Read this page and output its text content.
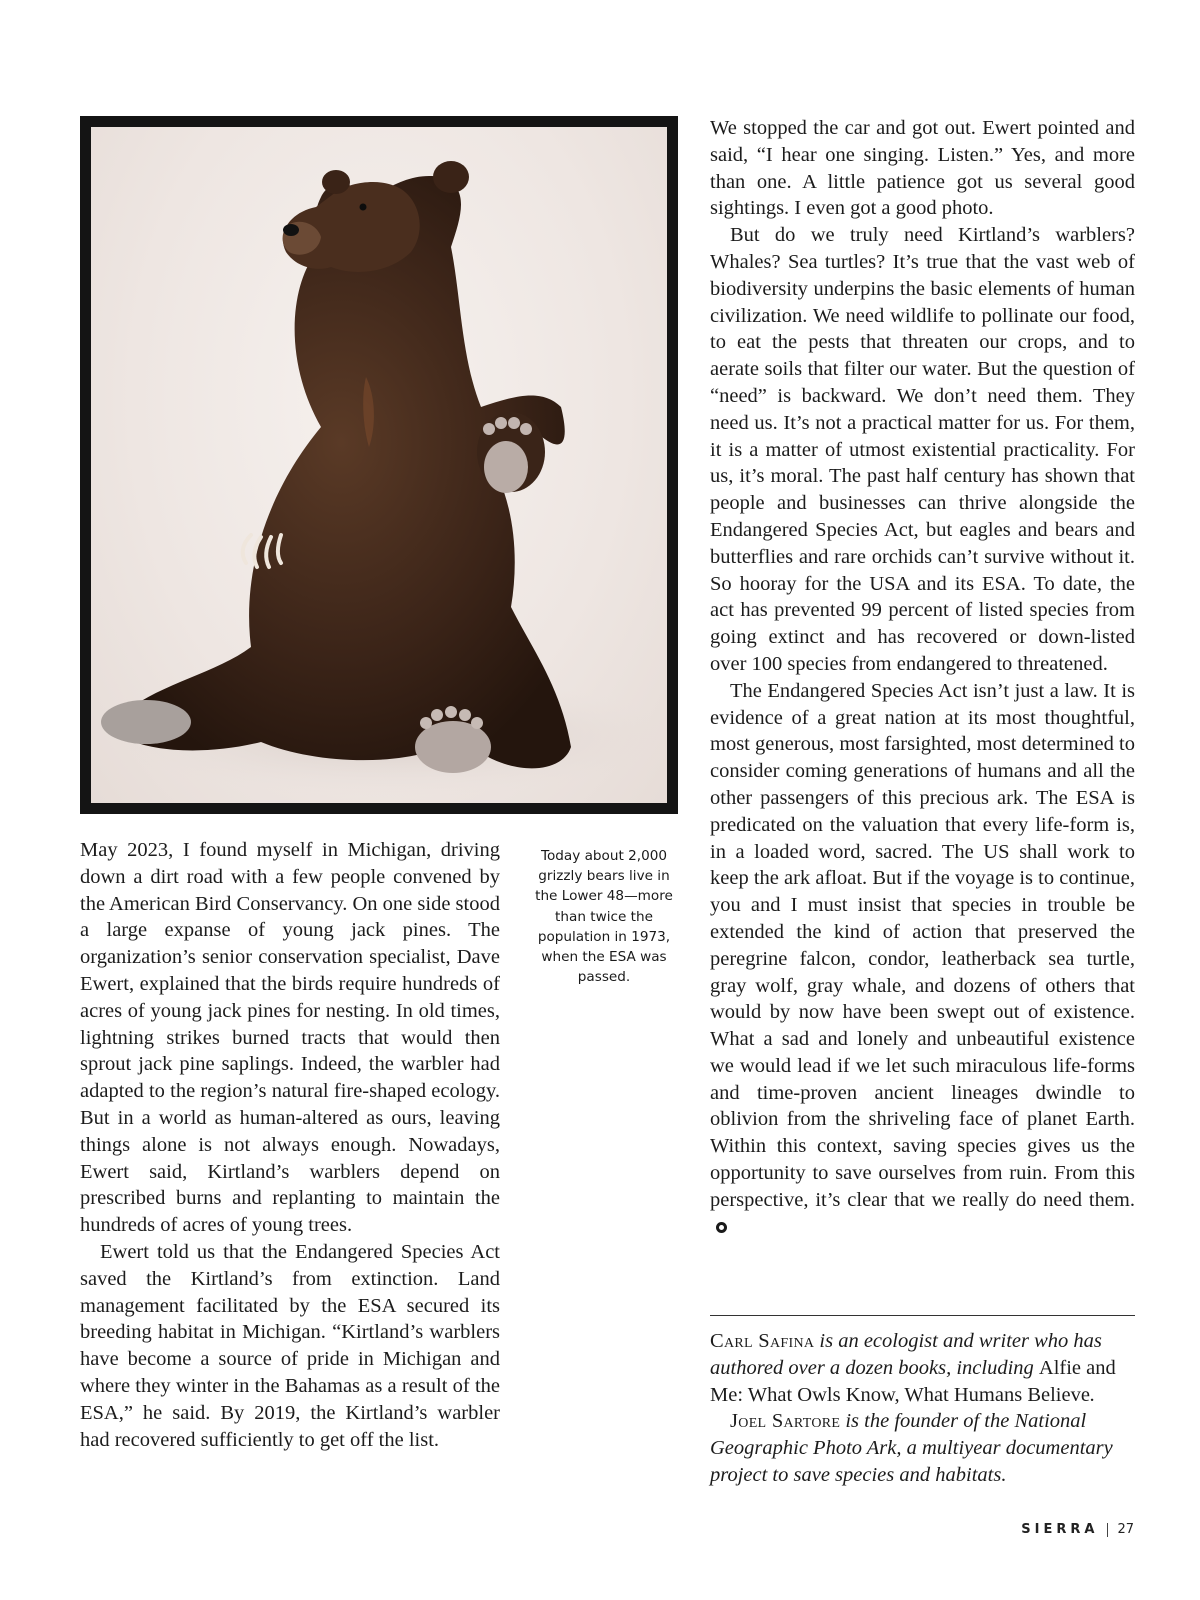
Today about 2,000 grizzly bears live in the Lower 48—more than twice the population in 1973, when the ESA was passed.

May 2023, I found myself in Michigan, driving down a dirt road with a few people convened by the American Bird Conservancy. On one side stood a large expanse of young jack pines. The organization’s senior conservation specialist, Dave Ewert, explained that the birds require hundreds of acres of young jack pines for nesting. In old times, lightning strikes burned tracts that would then sprout jack pine saplings. Indeed, the warbler had adapted to the region’s natural fire-shaped ecology. But in a world as human-altered as ours, leaving things alone is not always enough. Nowadays, Ewert said, Kirtland’s warblers depend on prescribed burns and replanting to maintain the hundreds of acres of young trees.

Ewert told us that the Endangered Species Act saved the Kirtland’s from extinction. Land management facilitated by the ESA secured its breeding habitat in Michigan. “Kirtland’s warblers have become a source of pride in Michigan and where they winter in the Bahamas as a result of the ESA,” he said. By 2019, the Kirtland’s warbler had recovered sufficiently to get off the list.

We stopped the car and got out. Ewert pointed and said, “I hear one singing. Listen.” Yes, and more than one. A little patience got us several good sightings. I even got a good photo.

But do we truly need Kirtland’s warblers? Whales? Sea turtles? It’s true that the vast web of biodiversity underpins the basic elements of human civilization. We need wildlife to pollinate our food, to eat the pests that threaten our crops, and to aerate soils that filter our water. But the question of “need” is backward. We don’t need them. They need us. It’s not a practical matter for us. For them, it is a matter of utmost existential practicality. For us, it’s moral. The past half century has shown that people and businesses can thrive alongside the Endangered Species Act, but eagles and bears and butterflies and rare orchids can’t survive without it. So hooray for the USA and its ESA. To date, the act has prevented 99 percent of listed species from going extinct and has recovered or down-listed over 100 species from endangered to threatened.

The Endangered Species Act isn’t just a law. It is evidence of a great nation at its most thoughtful, most generous, most farsighted, most determined to consider coming generations of humans and all the other passengers of this precious ark. The ESA is predicated on the valuation that every life-form is, in a loaded word, sacred. The US shall work to keep the ark afloat. But if the voyage is to continue, you and I must insist that species in trouble be extended the kind of action that preserved the peregrine falcon, condor, leatherback sea turtle, gray wolf, gray whale, and dozens of others that would by now have been swept out of existence. What a sad and lonely and unbeautiful existence we would lead if we let such miraculous life-forms and time-proven ancient lineages dwindle to oblivion from the shriveling face of planet Earth. Within this context, saving species gives us the opportunity to save ourselves from ruin. From this perspective, it’s clear that we really do need them.

Carl Safina is an ecologist and writer who has authored over a dozen books, including Alfie and Me: What Owls Know, What Humans Believe.

Joel Sartore is the founder of the National Geographic Photo Ark, a multiyear documentary project to save species and habitats.

SIERRA 27
